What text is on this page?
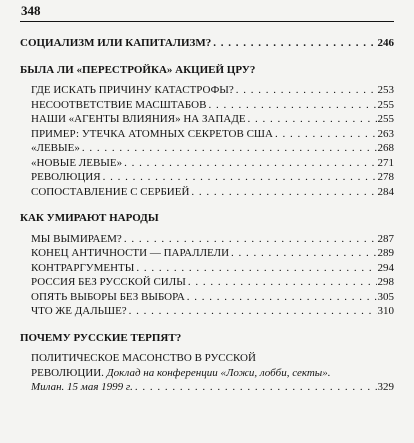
348
СОЦИАЛИЗМ ИЛИ КАПИТАЛИЗМ? . . .	246
БЫЛА ЛИ «ПЕРЕСТРОЙКА» АКЦИЕЙ ЦРУ?
ГДЕ ИСКАТЬ ПРИЧИНУ КАТАСТРОФЫ? . . .	253
НЕСООТВЕТСТВИЕ МАСШТАБОВ . . .	255
НАШИ «АГЕНТЫ ВЛИЯНИЯ» НА ЗАПАДЕ . . .	255
ПРИМЕР: УТЕЧКА АТОМНЫХ СЕКРЕТОВ США . . .	263
«ЛЕВЫЕ» . . .	268
«НОВЫЕ ЛЕВЫЕ» . . .	271
РЕВОЛЮЦИЯ . . .	278
СОПОСТАВЛЕНИЕ С СЕРБИЕЙ . . .	284
КАК УМИРАЮТ НАРОДЫ
МЫ ВЫМИРАЕМ? . . .	287
КОНЕЦ АНТИЧНОСТИ — ПАРАЛЛЕЛИ . . .	289
КОНТРАРГУМЕНТЫ . . .	294
РОССИЯ БЕЗ РУССКОЙ СИЛЫ . . .	298
ОПЯТЬ ВЫБОРЫ БЕЗ ВЫБОРА . . .	305
ЧТО ЖЕ ДАЛЬШЕ? . . .	310
ПОЧЕМУ РУССКИЕ ТЕРПЯТ?
ПОЛИТИЧЕСКОЕ МАСОНСТВО В РУССКОЙ
РЕВОЛЮЦИИ. Доклад на конференции «Ложи, лобби, секты».
Милан. 15 мая 1999 г. . . .	329
